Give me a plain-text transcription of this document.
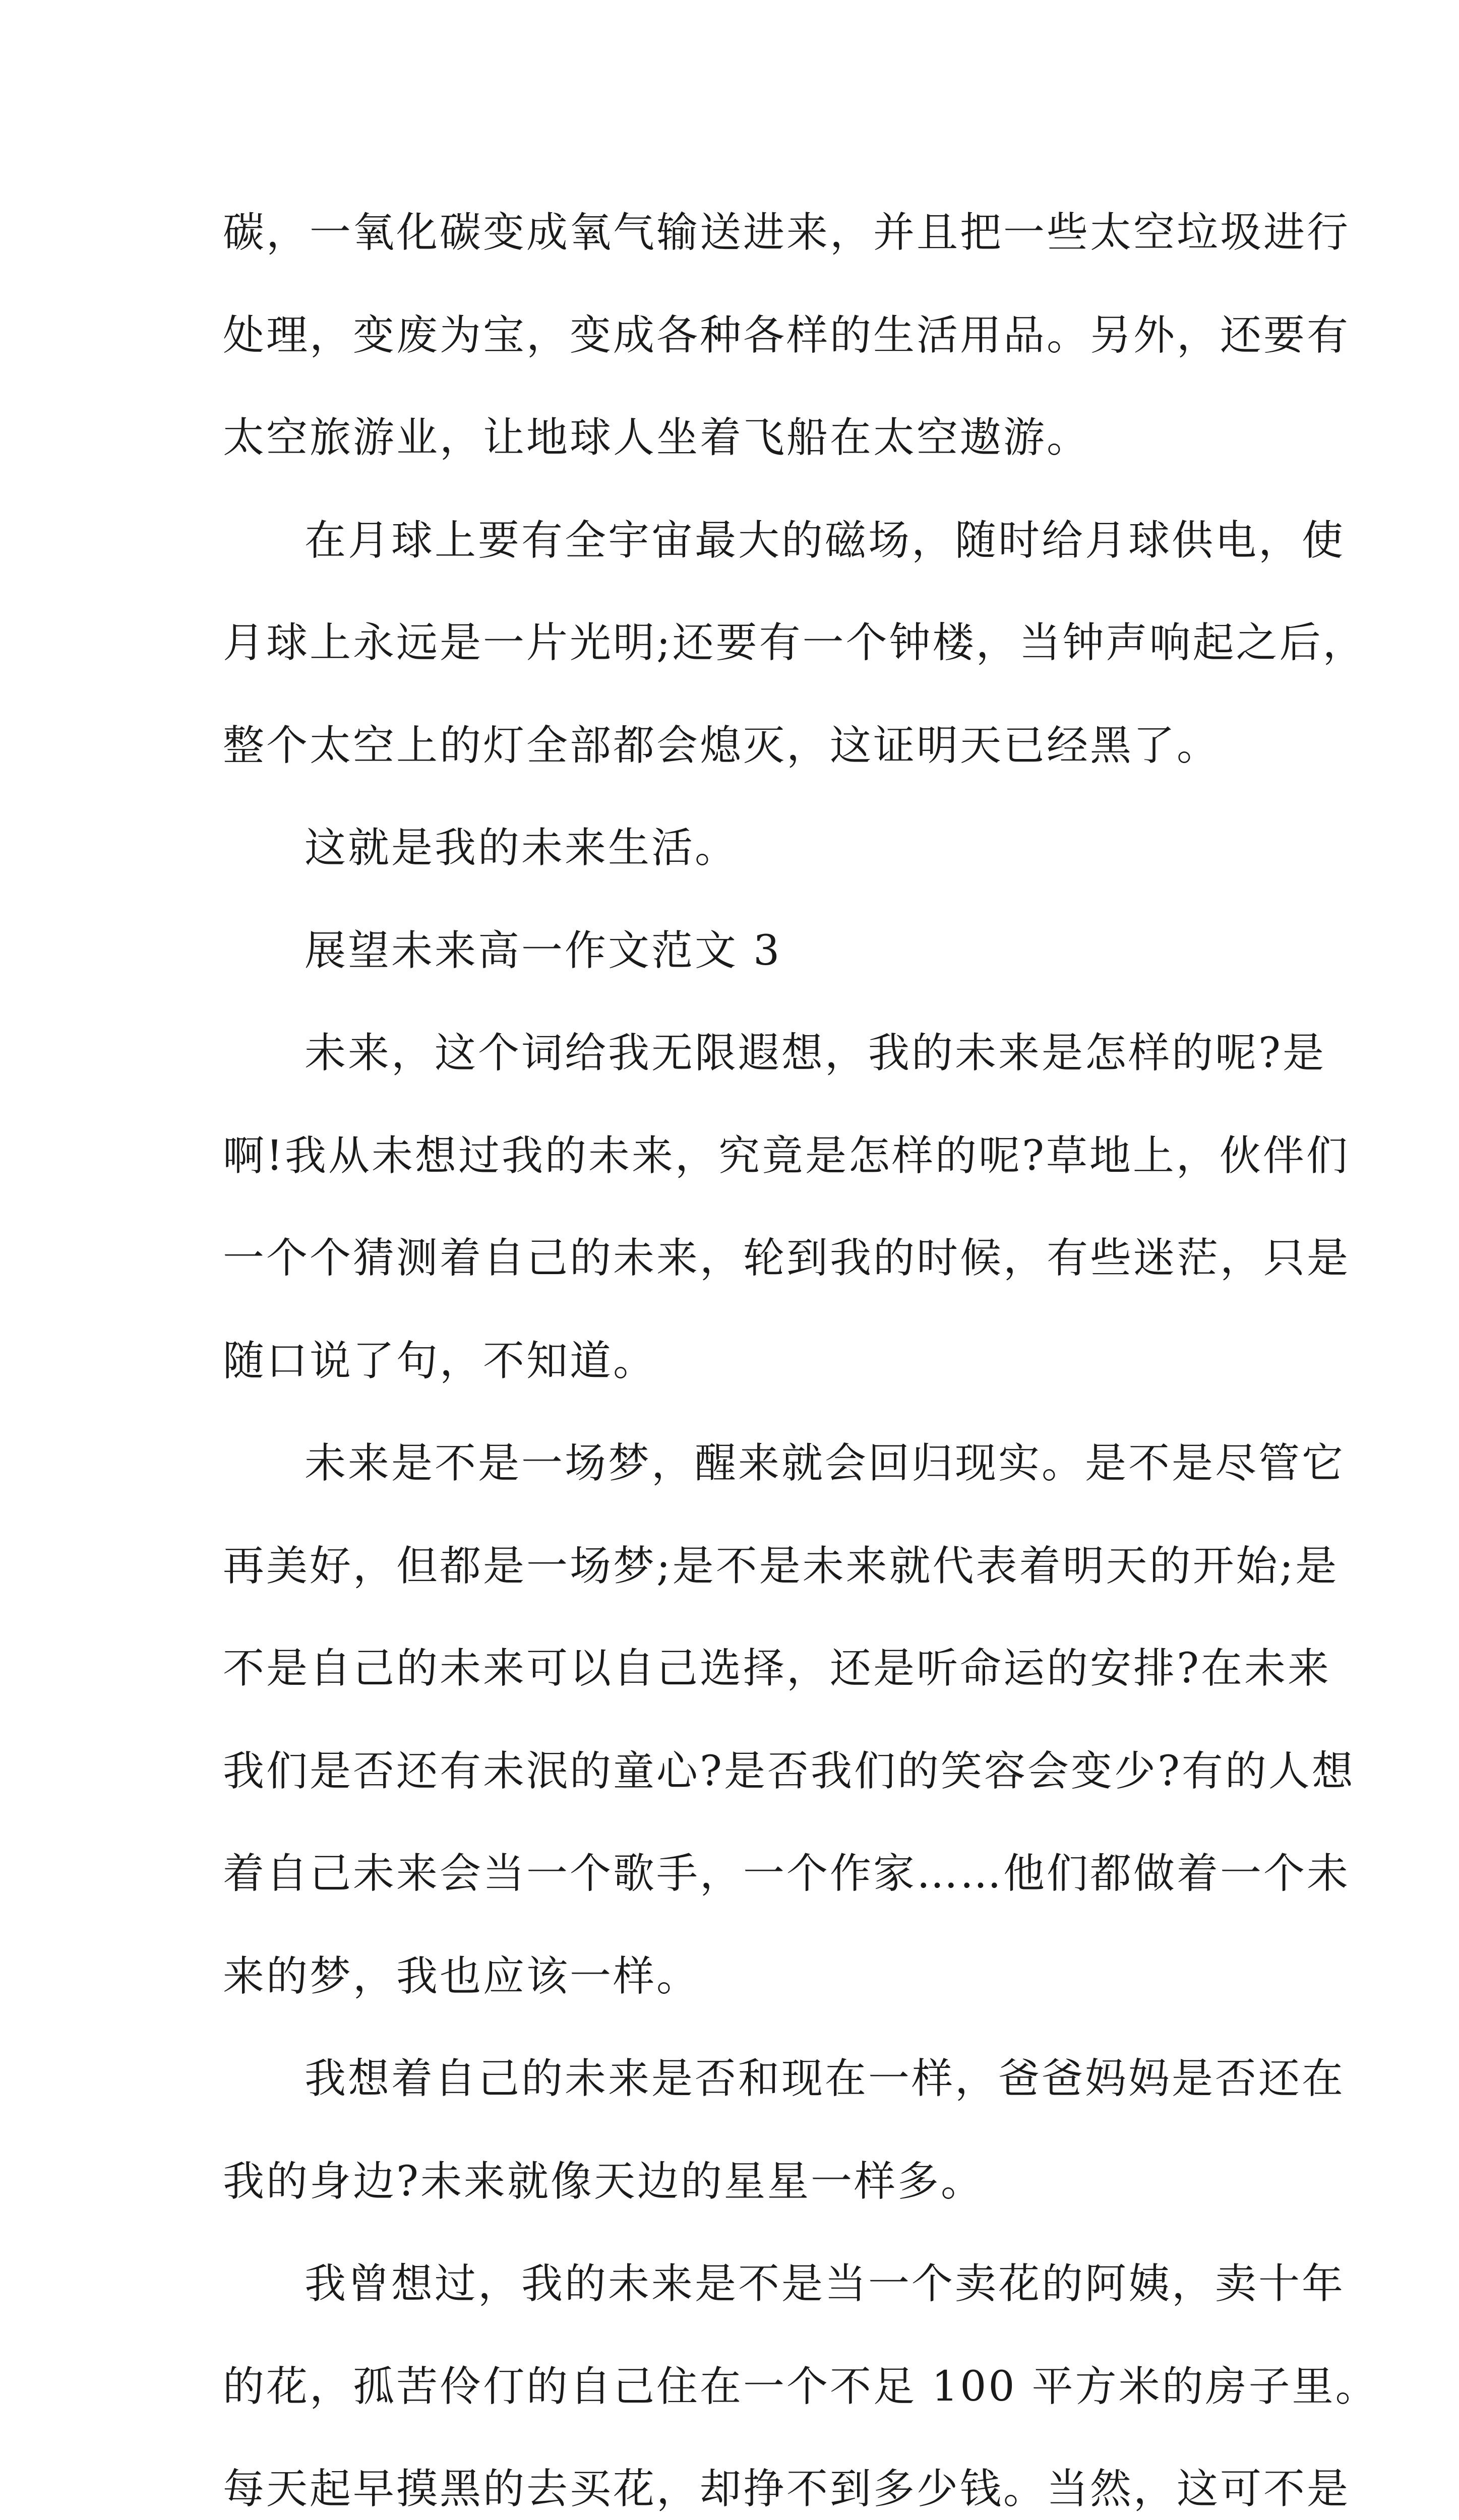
碳，一氧化碳变成氧气输送进来，并且把一些太空垃圾进行
处理，变废为宝，变成各种各样的生活用品。另外，还要有
太空旅游业，让地球人坐着飞船在太空遨游。
在月球上要有全宇宙最大的磁场，随时给月球供电，使
月球上永远是一片光明;还要有一个钟楼，当钟声响起之后，
整个太空上的灯全部都会熄灭，这证明天已经黑了。
这就是我的未来生活。
展望未来高一作文范文 3
未来，这个词给我无限遐想，我的未来是怎样的呢?是
啊!我从未想过我的未来，究竟是怎样的呢?草地上，伙伴们
一个个猜测着自己的未来，轮到我的时候，有些迷茫，只是
随口说了句，不知道。
未来是不是一场梦，醒来就会回归现实。是不是尽管它
再美好，但都是一场梦;是不是未来就代表着明天的开始;是
不是自己的未来可以自己选择，还是听命运的安排?在未来
我们是否还有未泯的童心?是否我们的笑容会变少?有的人想
着自己未来会当一个歌手，一个作家……他们都做着一个未
来的梦，我也应该一样。
我想着自己的未来是否和现在一样，爸爸妈妈是否还在
我的身边?未来就像天边的星星一样多。
我曾想过，我的未来是不是当一个卖花的阿姨，卖十年
的花，孤苦伶仃的自己住在一个不足 100 平方米的房子里。
每天起早摸黑的去买花，却挣不到多少钱。当然，这可不是
